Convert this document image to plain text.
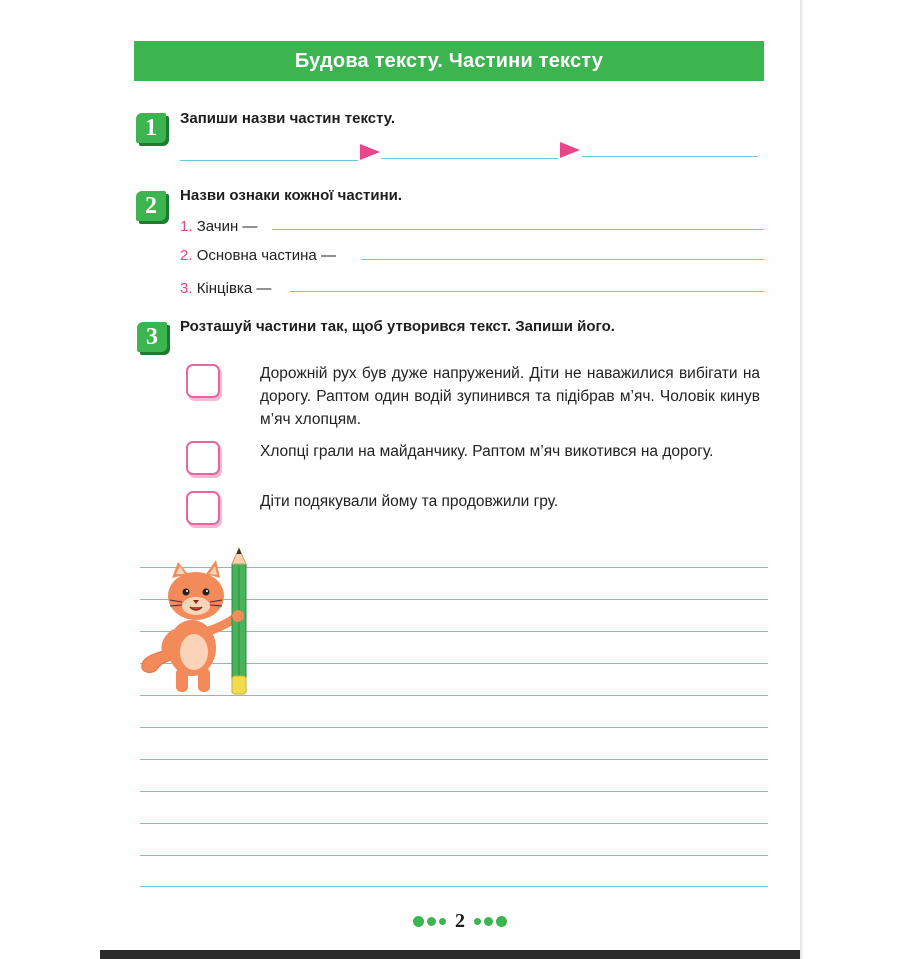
Будова тексту. Частини тексту
1	Запиши назви частин тексту.
2	Назви ознаки кожної частини.
1. Зачин —
2. Основна частина —
3. Кінцівка —
3	Розташуй частини так, щоб утворився текст. Запиши його.
Дорожній рух був дуже напружений. Діти не наважилися вибігати на дорогу. Раптом один водій зупинився та підібрав м’яч. Чоловік кинув м’яч хлопцям.
Хлопці грали на майданчику. Раптом м’яч викотився на дорогу.
Діти подякували йому та продовжили гру.
2
